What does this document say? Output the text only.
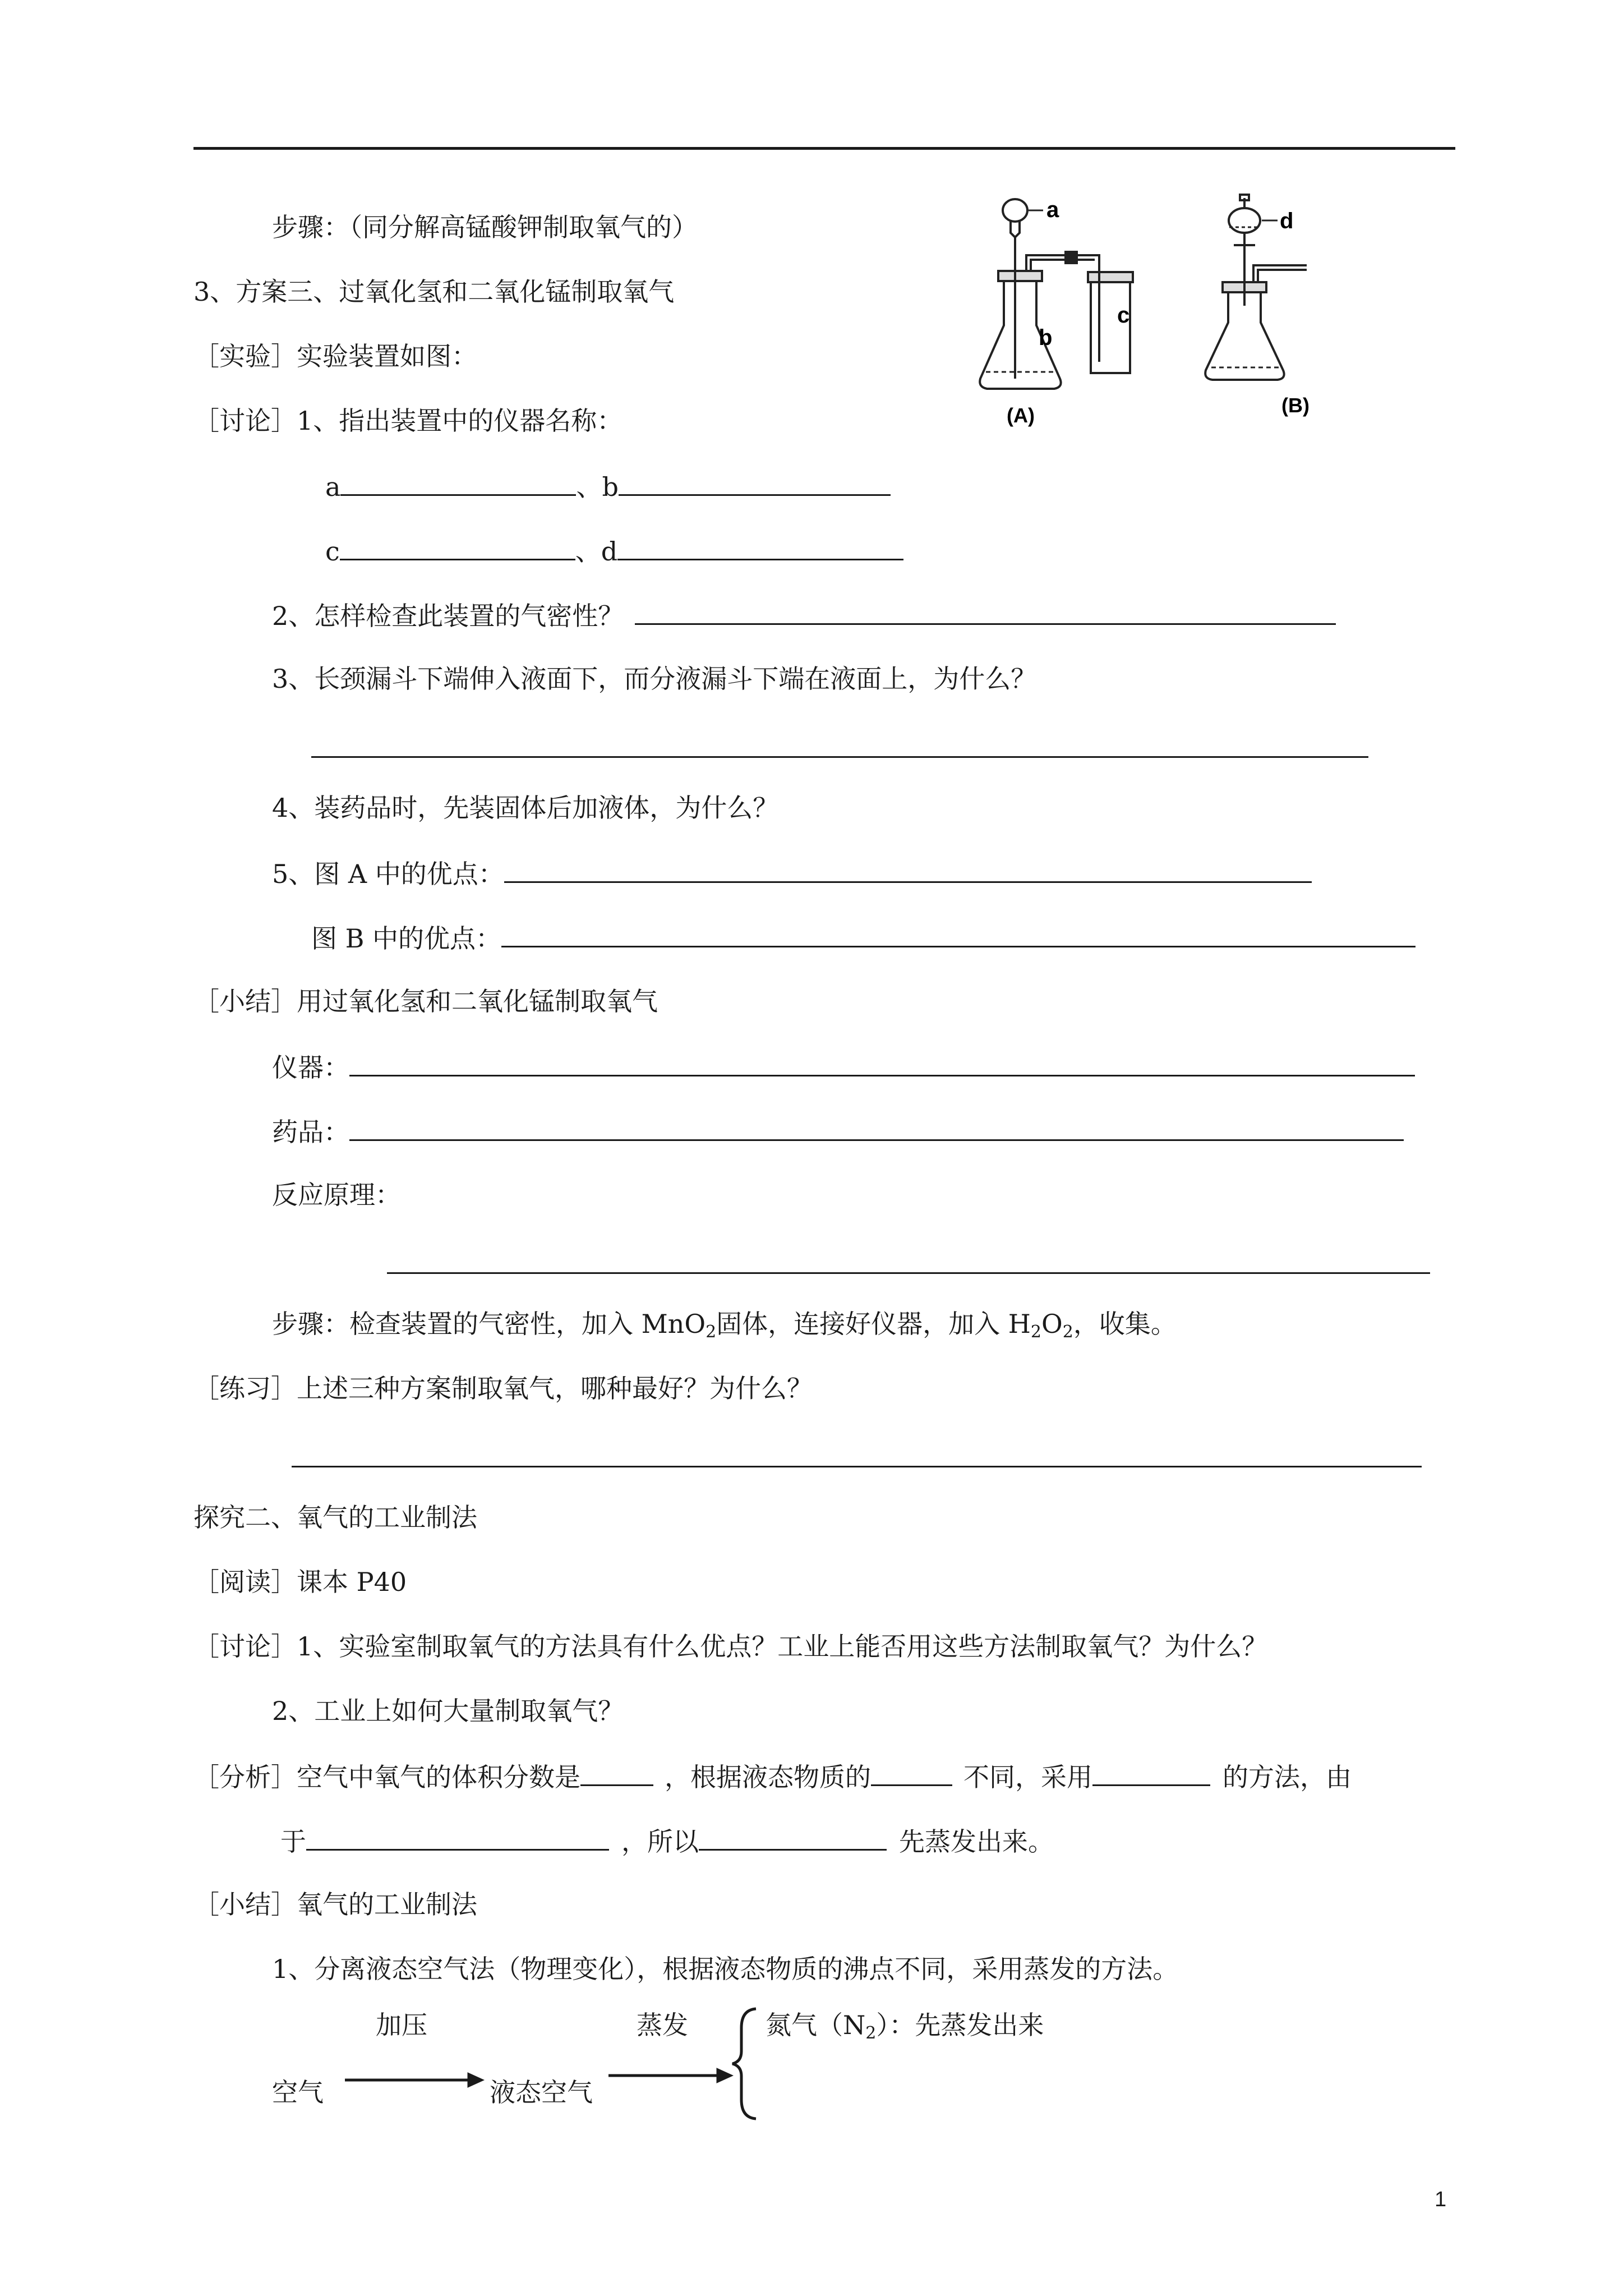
a
b
c
d
(A)	(B)
步骤：（同分解高锰酸钾制取氧气的）
3、方案三、过氧化氢和二氧化锰制取氧气
［实验］实验装置如图：
［讨论］1、指出装置中的仪器名称：
a	、b
c	、d
2、怎样检查此装置的气密性？
3、长颈漏斗下端伸入液面下，而分液漏斗下端在液面上，为什么？
4、装药品时，先装固体后加液体，为什么？
5、图 A 中的优点：
图 B 中的优点：
［小结］用过氧化氢和二氧化锰制取氧气
仪器：
药品：
反应原理：
步骤：检查装置的气密性，加入 MnO$_2$固体，连接好仪器，加入 $H_2O_2$，收集。
［练习］上述三种方案制取氧气，哪种最好？为什么？
探究二、氧气的工业制法
［阅读］课本 P40
［讨论］1、实验室制取氧气的方法具有什么优点？工业上能否用这些方法制取氧气？为什么？
2、工业上如何大量制取氧气？
［分析］空气中氧气的体积分数是	，根据液态物质的	不同，采用	的方法，由
于	，所以	先蒸发出来。
［小结］氧气的工业制法
1、分离液态空气法（物理变化），根据液态物质的沸点不同，采用蒸发的方法。
加压	蒸发
空气	液态空气
氮气$(N_2)$：先蒸发出来
1
